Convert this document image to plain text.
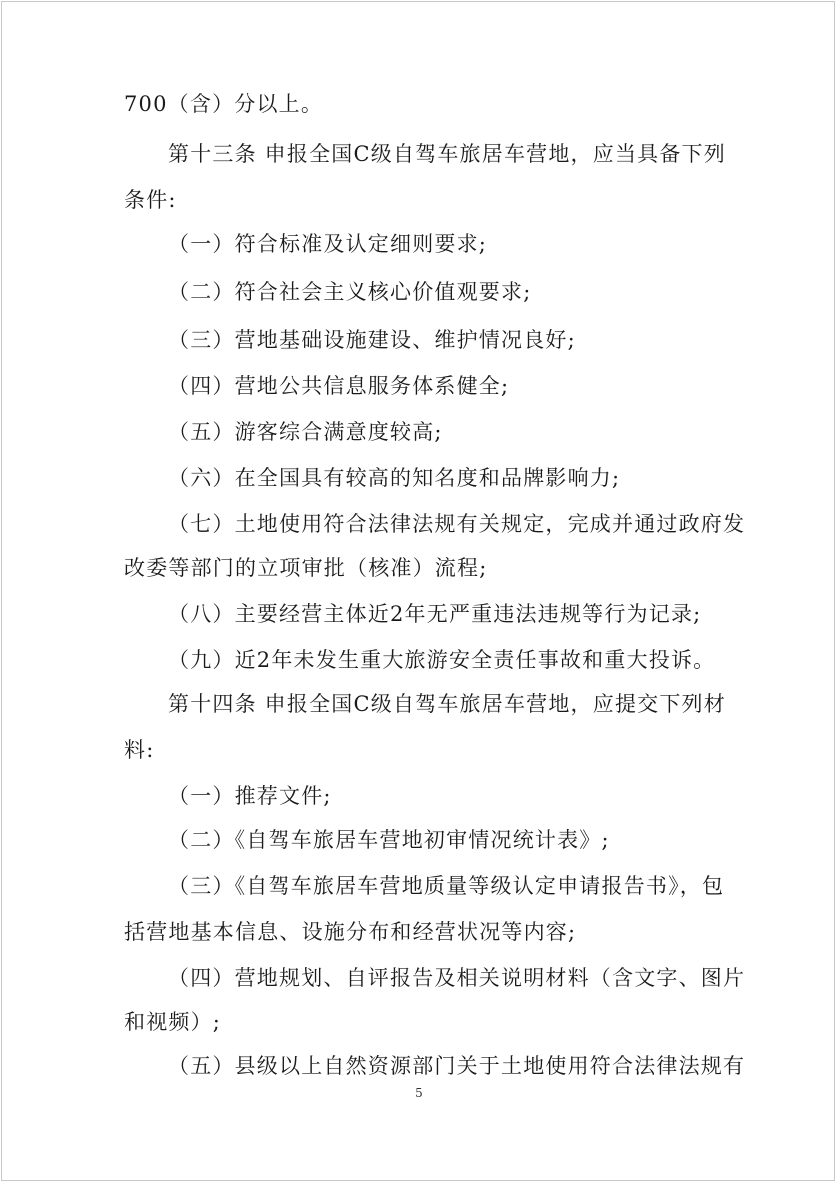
700（含）分以上。
第十三条 申报全国C级自驾车旅居车营地，应当具备下列
条件:
（一）符合标准及认定细则要求;
（二）符合社会主义核心价值观要求;
（三）营地基础设施建设、维护情况良好;
（四）营地公共信息服务体系健全;
（五）游客综合满意度较高;
（六）在全国具有较高的知名度和品牌影响力;
（七）土地使用符合法律法规有关规定，完成并通过政府发
改委等部门的立项审批（核准）流程;
（八）主要经营主体近2年无严重违法违规等行为记录;
（九）近2年未发生重大旅游安全责任事故和重大投诉。
第十四条 申报全国C级自驾车旅居车营地，应提交下列材
料:
（一）推荐文件;
（二）《自驾车旅居车营地初审情况统计表》;
（三）《自驾车旅居车营地质量等级认定申请报告书》，包
括营地基本信息、设施分布和经营状况等内容;
（四）营地规划、自评报告及相关说明材料（含文字、图片
和视频）;
（五）县级以上自然资源部门关于土地使用符合法律法规有
5
